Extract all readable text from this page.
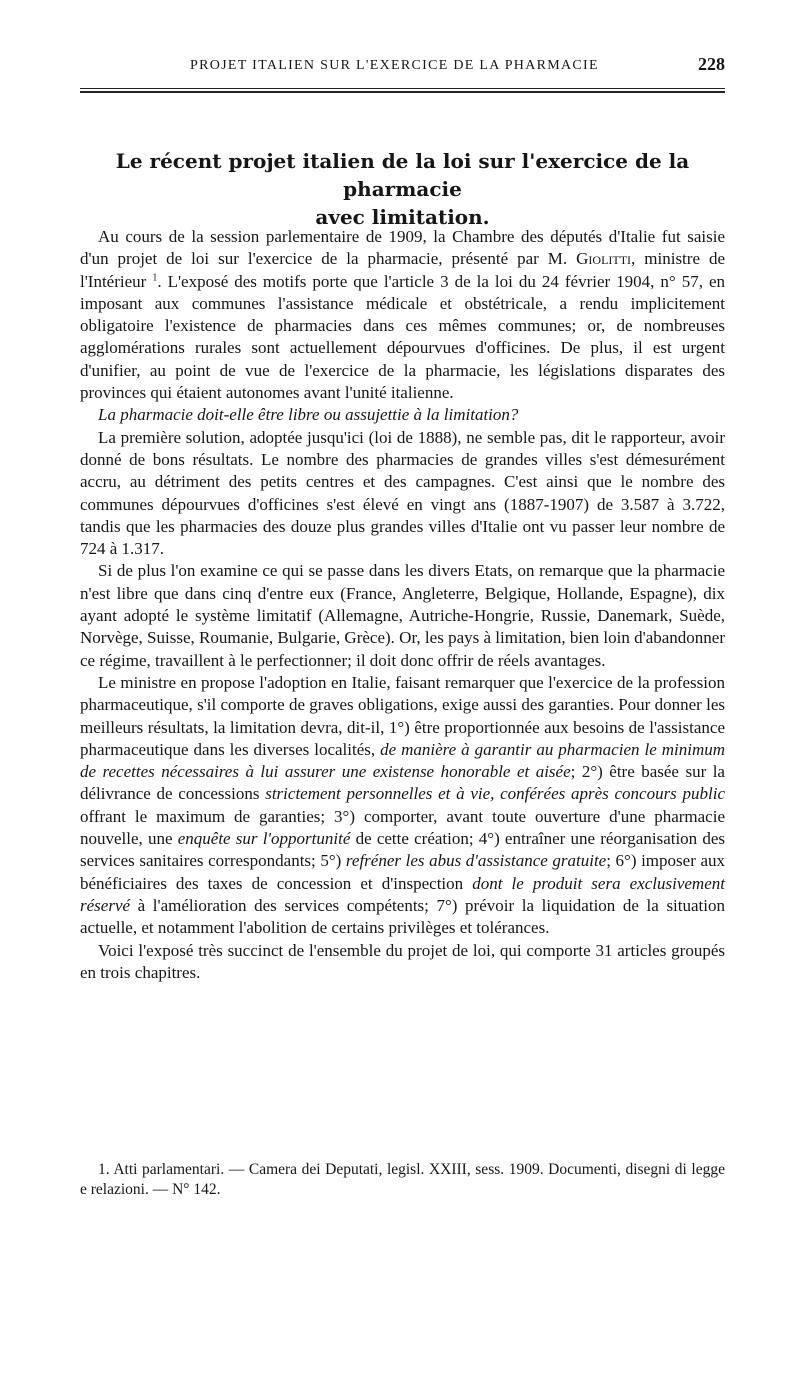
PROJET ITALIEN SUR L'EXERCICE DE LA PHARMACIE	228
Le récent projet italien de la loi sur l'exercice de la pharmacie
avec limitation.

Au cours de la session parlementaire de 1909, la Chambre des députés d'Italie fut saisie d'un projet de loi sur l'exercice de la pharmacie, présenté par M. Giolitti, ministre de l'Intérieur $^1$. L'exposé des motifs porte que l'article 3 de la loi du 24 février 1904, n° 57, en imposant aux communes l'assistance médicale et obstétricale, a rendu implicitement obligatoire l'existence de pharmacies dans ces mêmes communes; or, de nombreuses agglomérations rurales sont actuellement dépourvues d'officines. De plus, il est urgent d'unifier, au point de vue de l'exercice de la pharmacie, les législations disparates des provinces qui étaient autonomes avant l'unité italienne.

La pharmacie doit-elle être libre ou assujettie à la limitation?

La première solution, adoptée jusqu'ici (loi de 1888), ne semble pas, dit le rapporteur, avoir donné de bons résultats. Le nombre des pharmacies de grandes villes s'est démesurément accru, au détriment des petits centres et des campagnes. C'est ainsi que le nombre des communes dépourvues d'officines s'est élevé en vingt ans (1887-1907) de 3.587 à 3.722, tandis que les pharmacies des douze plus grandes villes d'Italie ont vu passer leur nombre de 724 à 1.317.

Si de plus l'on examine ce qui se passe dans les divers Etats, on remarque que la pharmacie n'est libre que dans cinq d'entre eux (France, Angleterre, Belgique, Hollande, Espagne), dix ayant adopté le système limitatif (Allemagne, Autriche-Hongrie, Russie, Danemark, Suède, Norvège, Suisse, Roumanie, Bulgarie, Grèce). Or, les pays à limitation, bien loin d'abandonner ce régime, travaillent à le perfectionner; il doit donc offrir de réels avantages.

Le ministre en propose l'adoption en Italie, faisant remarquer que l'exercice de la profession pharmaceutique, s'il comporte de graves obligations, exige aussi des garanties. Pour donner les meilleurs résultats, la limitation devra, dit-il, 1°) être proportionnée aux besoins de l'assistance pharmaceutique dans les diverses localités, de manière à garantir au pharmacien le minimum de recettes nécessaires à lui assurer une existense honorable et aisée; 2°) être basée sur la délivrance de concessions strictement personnelles et à vie, conférées après concours public offrant le maximum de garanties; 3°) comporter, avant toute ouverture d'une pharmacie nouvelle, une enquête sur l'opportunité de cette création; 4°) entraîner une réorganisation des services sanitaires correspondants; 5°) refréner les abus d'assistance gratuite; 6°) imposer aux bénéficiaires des taxes de concession et d'inspection dont le produit sera exclusivement réservé à l'amélioration des services compétents; 7°) prévoir la liquidation de la situation actuelle, et notamment l'abolition de certains privilèges et tolérances.

Voici l'exposé très succinct de l'ensemble du projet de loi, qui comporte 31 articles groupés en trois chapitres.

1. Atti parlamentari. — Camera dei Deputati, legisl. XXIII, sess. 1909. Documenti, disegni di legge e relazioni. — N° 142.
